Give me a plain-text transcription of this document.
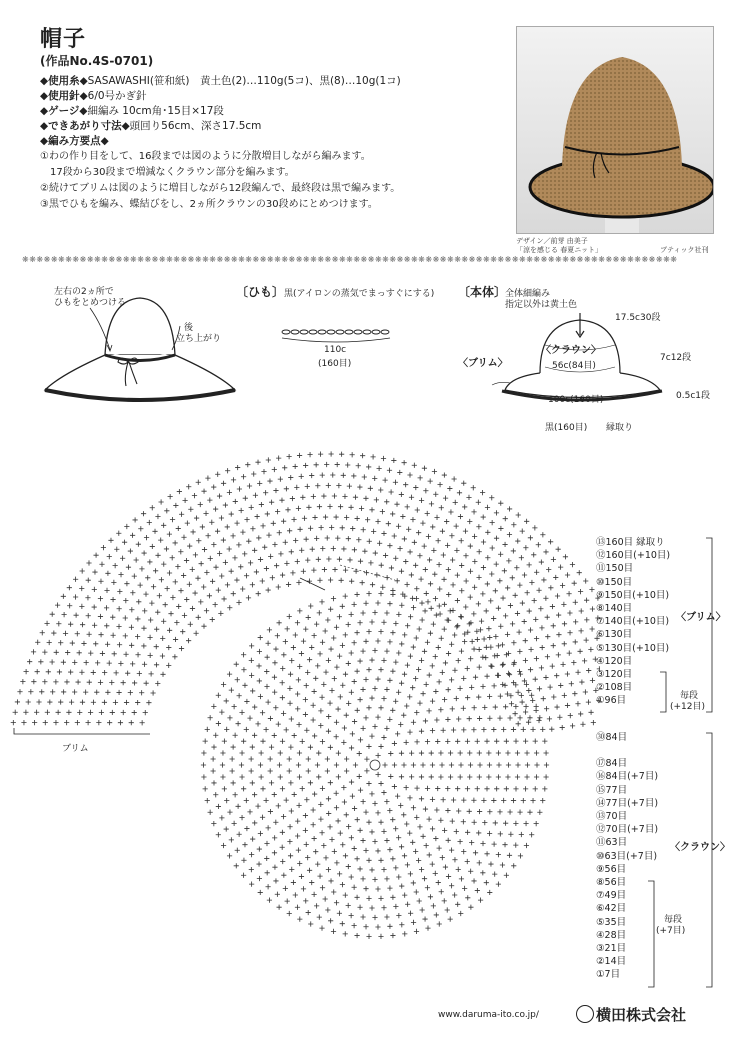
帽子
(作品No.4S-0701)
◆使用糸◆SASAWASHI(笹和紙)　黄土色(2)…110g(5コ)、黒(8)…10g(1コ)
◆使用針◆6/0号かぎ針
◆ゲージ◆細編み 10cm角･15目×17段
◆できあがり寸法◆頭回り56cm、深さ17.5cm
◆編み方要点◆
①わの作り目をして、16段までは図のように分散増目しながら編みます。
　17段から30段まで増減なくクラウン部分を編みます。
②続けてブリムは図のように増目しながら12段編んで、最終段は黒で編みます。
③黒でひもを編み、蝶結びをし、2ヵ所クラウンの30段めにとめつけます。
デザイン／前芽 由美子
「涼を感じる 春夏ニット」	ブティック社刊
❋❋❋❋❋❋❋❋❋❋❋❋❋❋❋❋❋❋❋❋❋❋❋❋❋❋❋❋❋❋❋❋❋❋❋❋❋❋❋❋❋❋❋❋❋❋❋❋❋❋❋❋❋❋❋❋❋❋❋❋❋❋❋❋❋❋❋❋❋❋❋❋❋❋❋❋❋❋❋❋❋❋❋❋❋❋❋❋❋❋❋
左右の2ヵ所で
ひもをとめつける
後
立ち上がり
〔ひも〕黒(アイロンの蒸気でまっすぐにする)
110c
(160目)
〔本体〕
全体細編み
指定以外は黄土色
17.5c30段
7c12段
0.5c1段
〈クラウン〉
56c(84目)
〈ブリム〉
100c(160目)
黒(160目) 縁取り
ブリム
⑬160目 縁取り
⑫160目(+10目)
⑪150目
⑩150目
⑨150目(+10目)
⑧140目
⑦140目(+10目)
⑥130目
⑤130目(+10目)
④120目
③120目
②108目
①96目
〈ブリム〉
毎段
(+12目)
㉚84目
⑰84目
⑯84目(+7目)
⑮77目
⑭77目(+7目)
⑬70目
⑫70目(+7目)
⑪63目
⑩63目(+7目)
⑨56目
⑧56目
⑦49目
⑥42目
⑤35目
④28目
③21目
②14目
①7目
〈クラウン〉
毎段
(+7目)
www.daruma-ito.co.jp/	横田株式会社
